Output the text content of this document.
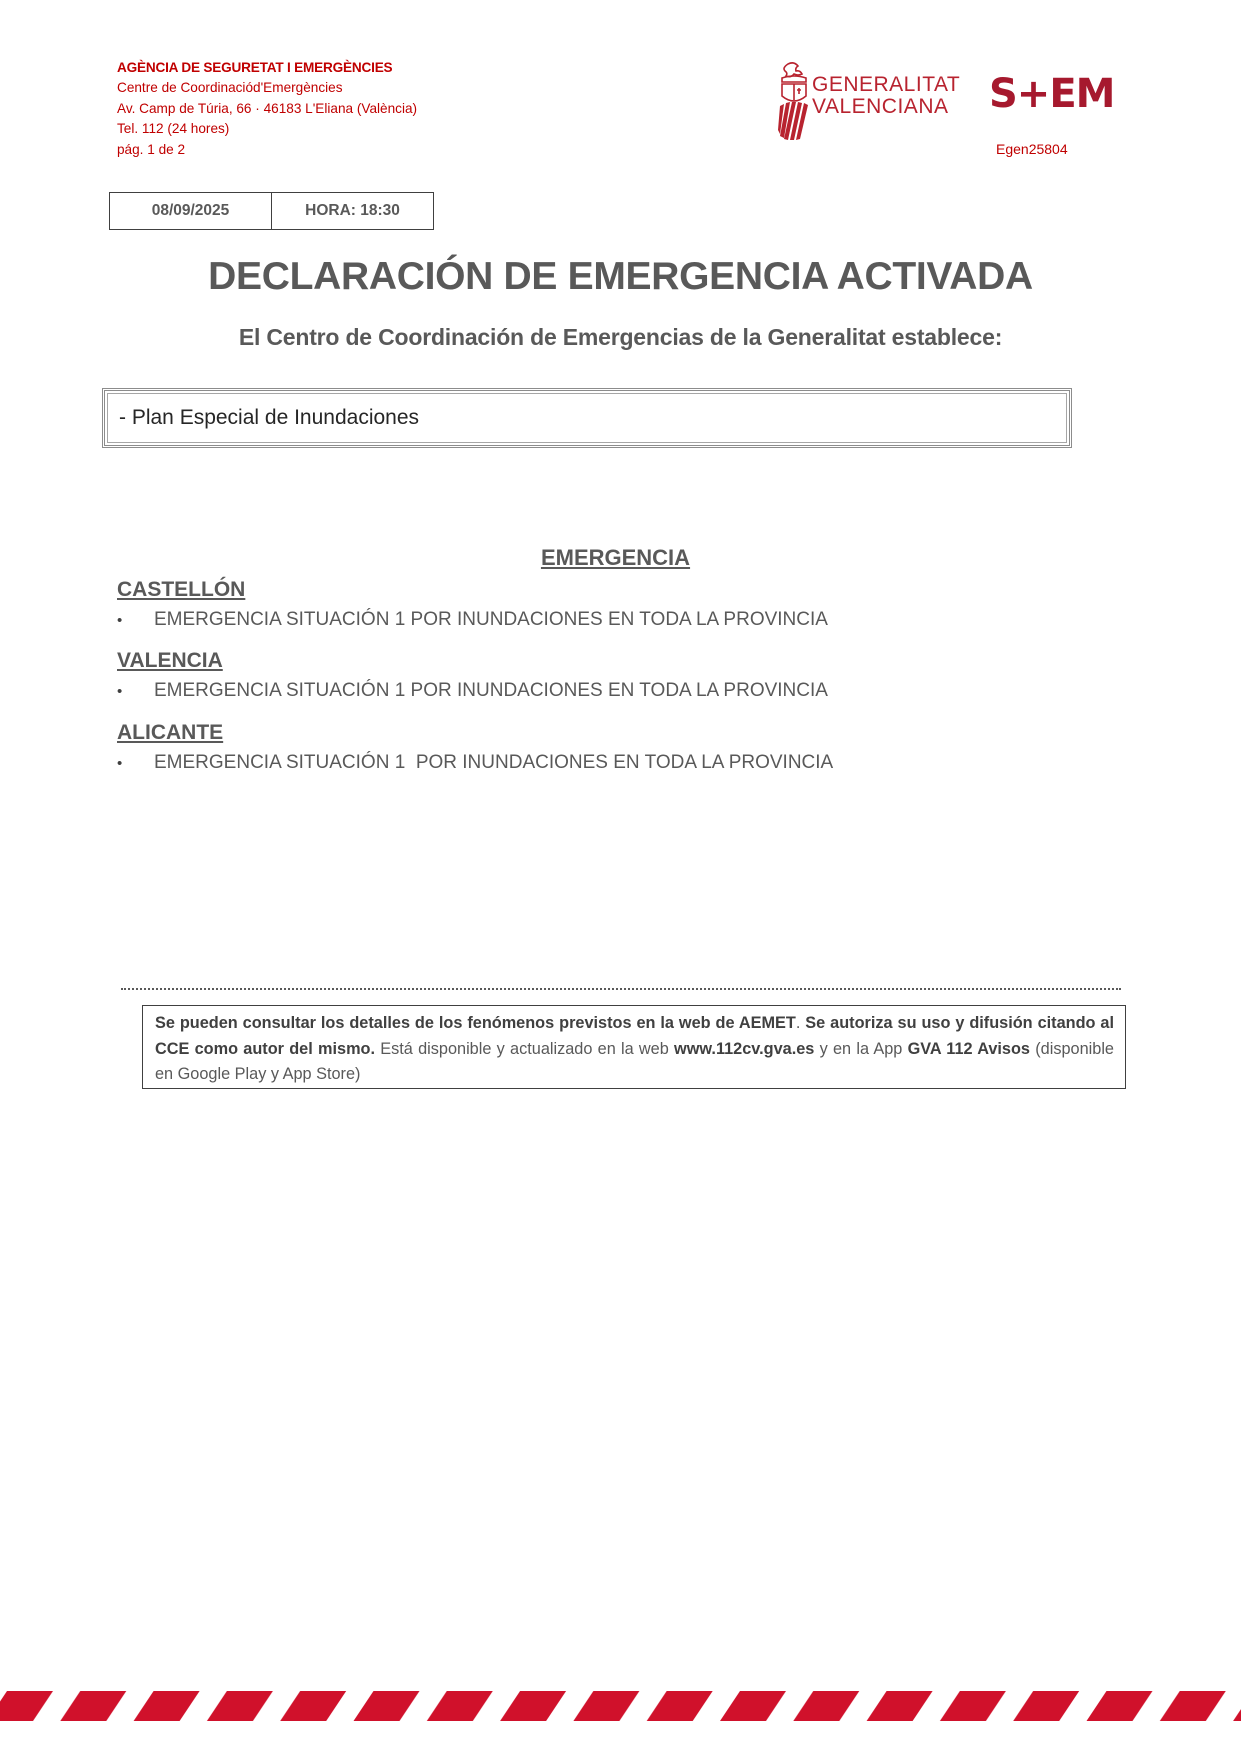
AGÈNCIA DE SEGURETAT I EMERGÈNCIES
Centre de Coordinaciód'Emergències
Av. Camp de Túria, 66 · 46183 L'Eliana (València)
Tel. 112 (24 hores)
pág. 1 de 2
GENERALITAT
VALENCIANA S+EM
Egen25804
08/09/2025	HORA: 18:30
DECLARACIÓN DE EMERGENCIA ACTIVADA
El Centro de Coordinación de Emergencias de la Generalitat establece:
- Plan Especial de Inundaciones
EMERGENCIA
CASTELLÓN
•	EMERGENCIA SITUACIÓN 1 POR INUNDACIONES EN TODA LA PROVINCIA
VALENCIA
•	EMERGENCIA SITUACIÓN 1 POR INUNDACIONES EN TODA LA PROVINCIA
ALICANTE
•	EMERGENCIA SITUACIÓN 1  POR INUNDACIONES EN TODA LA PROVINCIA
Se pueden consultar los detalles de los fenómenos previstos en la web de AEMET. Se autoriza su uso y difusión citando al CCE como autor del mismo. Está disponible y actualizado en la web www.112cv.gva.es y en la App GVA 112 Avisos (disponible en Google Play y App Store)
